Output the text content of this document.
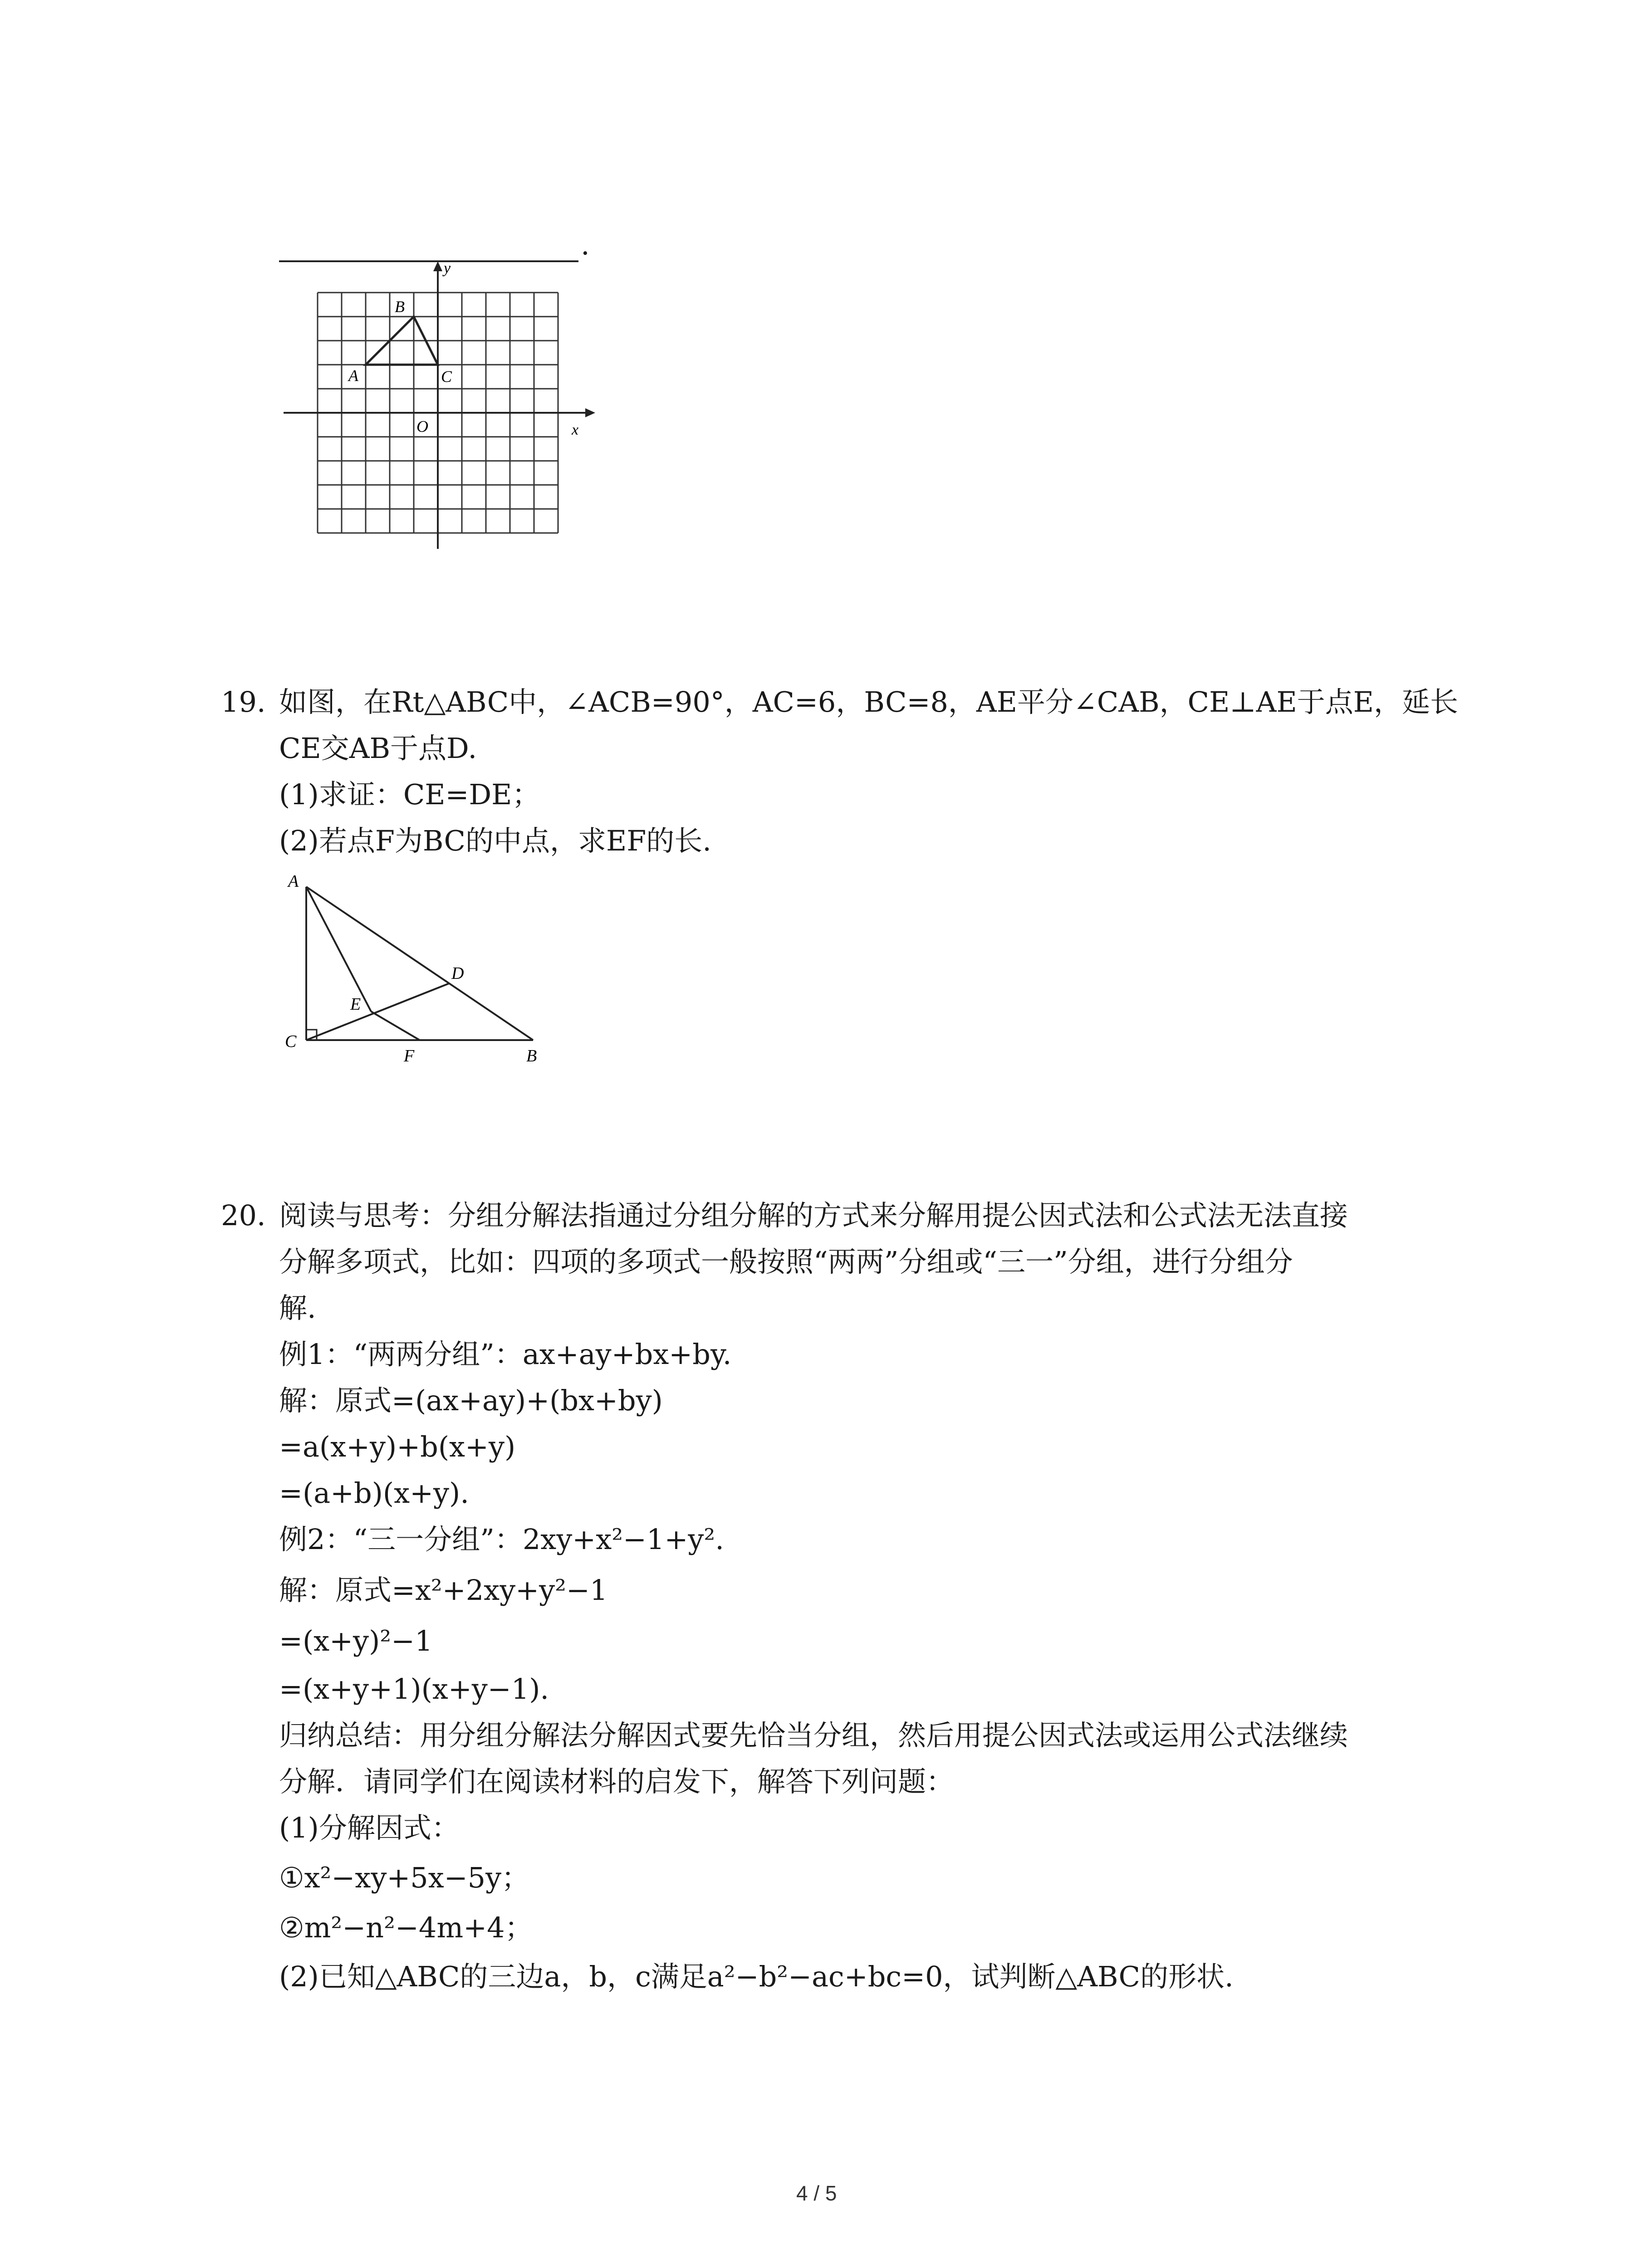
.
y
x
O
A
B
C
19. 如图，在Rt△ABC中，∠ACB=90°，AC=6，BC=8，AE平分∠CAB，CE⊥AE于点E，延长
CE交AB于点D.
(1)求证：CE=DE；
(2)若点F为BC的中点，求EF的长.
A
C
B
D
E
F
20. 阅读与思考：分组分解法指通过分组分解的方式来分解用提公因式法和公式法无法直接
分解多项式，比如：四项的多项式一般按照“两两”分组或“三一”分组，进行分组分
解.
例1：“两两分组”：ax+ay+bx+by.
解：原式=(ax+ay)+(bx+by)
=a(x+y)+b(x+y)
=(a+b)(x+y).
例2：“三一分组”：2xy+x²−1+y².
解：原式=x²+2xy+y²−1
=(x+y)²−1
=(x+y+1)(x+y−1).
归纳总结：用分组分解法分解因式要先恰当分组，然后用提公因式法或运用公式法继续
分解．请同学们在阅读材料的启发下，解答下列问题：
(1)分解因式：
①x²−xy+5x−5y；
②m²−n²−4m+4；
(2)已知△ABC的三边a，b，c满足a²−b²−ac+bc=0，试判断△ABC的形状.
4 / 5
